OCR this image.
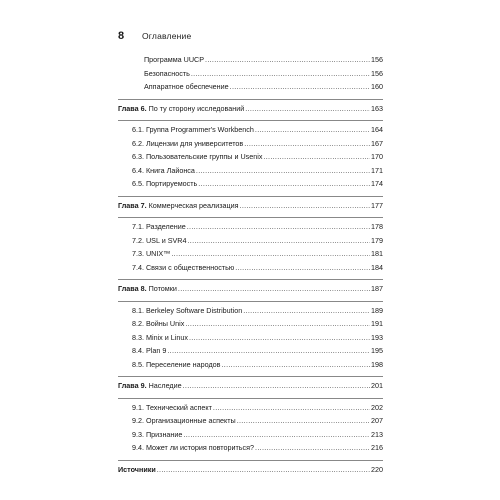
8	Оглавление
Программа UUCP .....	156
Безопасность .....	156
Аппаратное обеспечение .....	160
Глава 6. По ту сторону исследований .....	163
6.1. Группа Programmer's Workbench .....	164
6.2. Лицензии для университетов .....	167
6.3. Пользовательские группы и Usenix .....	170
6.4. Книга Лайонса .....	171
6.5. Портируемость .....	174
Глава 7. Коммерческая реализация .....	177
7.1. Разделение .....	178
7.2. USL и SVR4 .....	179
7.3. UNIX™ .....	181
7.4. Связи с общественностью .....	184
Глава 8. Потомки .....	187
8.1. Berkeley Software Distribution .....	189
8.2. Войны Unix .....	191
8.3. Minix и Linux .....	193
8.4. Plan 9 .....	195
8.5. Переселение народов .....	198
Глава 9. Наследие .....	201
9.1. Технический аспект .....	202
9.2. Организационные аспекты .....	207
9.3. Признание .....	213
9.4. Может ли история повториться? .....	216
Источники .....	220
